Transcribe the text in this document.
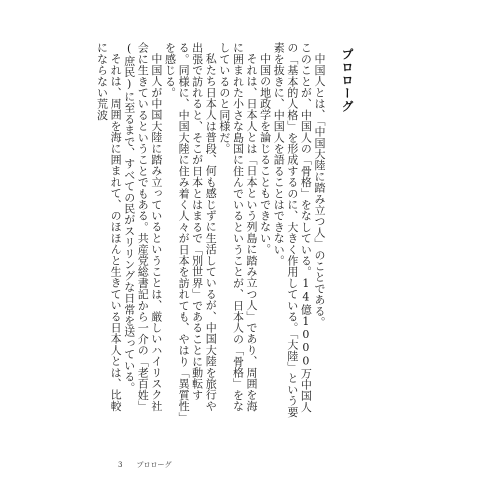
プロローグ

中国人とは、「中国大陸に踏み立つ人」のことである。

このことが、中国人の「骨格」をなしている。14億1000万中国人の「基本的人格」を形成するのに、大きく作用している。「大陸」という要素を抜きに、中国人を語ることはできない。

中国の地政学を論じることもできない。

それは、日本人とは「日本という列島に踏み立つ人」であり、周囲を海に囲まれた小さな島国に住んでいるということが、日本人の「骨格」をなしているのと同様だ。

私たち日本人は普段、何も感じずに生活しているが、中国大陸を旅行や出張で訪れると、そこが日本とはまるで「別世界」であることに動転する。同様に、中国大陸に住み着く人々が日本を訪れても、やはり「異質性」を感じる。

中国人が中国大陸に踏み立っているということは、厳しいハイリスク社会に生きているということでもある。共産党総書記から一介の「老百姓」(庶民)に至るまで、すべての民がスリリングな日常を送っている。

それは、周囲を海に囲まれて、のほほんと生きている日本人とは、比較にならない荒波

3 プロローグ
